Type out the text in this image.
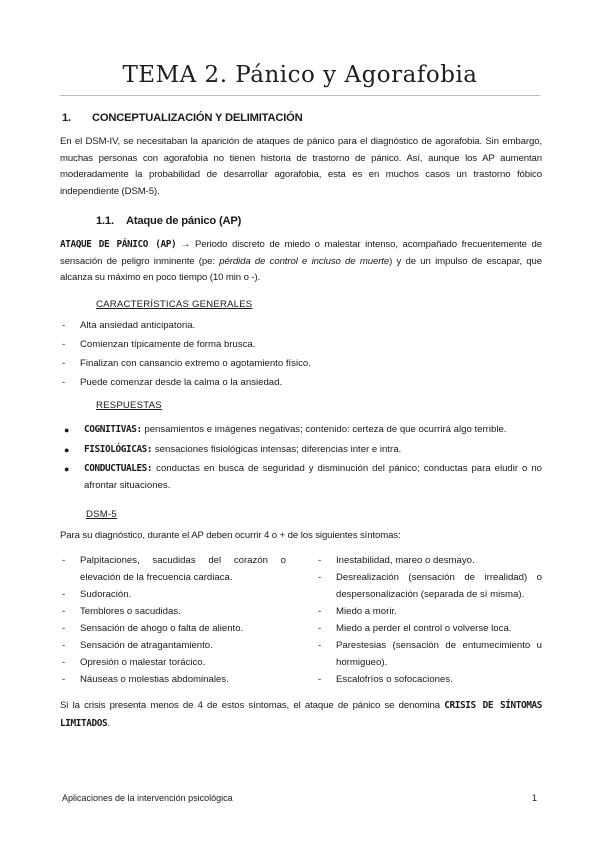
TEMA 2. Pánico y Agorafobia
1. CONCEPTUALIZACIÓN Y DELIMITACIÓN
En el DSM-IV, se necesitaban la aparición de ataques de pánico para el diagnóstico de agorafobia. Sin embargo, muchas personas con agorafobia no tienen historia de trastorno de pánico. Así, aunque los AP aumentan moderadamente la probabilidad de desarrollar agorafobia, esta es en muchos casos un trastorno fóbico independiente (DSM-5).
1.1. Ataque de pánico (AP)
ATAQUE DE PÁNICO (AP) → Periodo discreto de miedo o malestar intenso, acompañado frecuentemente de sensación de peligro inminente (pe: pérdida de control e incluso de muerte) y de un impulso de escapar, que alcanza su máximo en poco tiempo (10 min o -).
CARACTERÍSTICAS GENERALES
- Alta ansiedad anticipatoria.
- Comienzan típicamente de forma brusca.
- Finalizan con cansancio extremo o agotamiento físico.
- Puede comenzar desde la calma o la ansiedad.
RESPUESTAS
● COGNITIVAS: pensamientos e imágenes negativas; contenido: certeza de que ocurrirá algo terrible.
● FISIOLÓGICAS: sensaciones fisiológicas intensas; diferencias inter e intra.
● CONDUCTUALES: conductas en busca de seguridad y disminución del pánico; conductas para eludir o no afrontar situaciones.
DSM-5
Para su diagnóstico, durante el AP deben ocurrir 4 o + de los siguientes síntomas:
- Palpitaciones, sacudidas del corazón o elevación de la frecuencia cardiaca.
- Sudoración.
- Temblores o sacudidas.
- Sensación de ahogo o falta de aliento.
- Sensación de atragantamiento.
- Opresión o malestar torácico.
- Náuseas o molestias abdominales.
- Inestabilidad, mareo o desmayo.
- Desrealización (sensación de irrealidad) o despersonalización (separada de sí misma).
- Miedo a morir.
- Miedo a perder el control o volverse loca.
- Parestesias (sensación de entumecimiento u hormigueo).
- Escalofríos o sofocaciones.
Si la crisis presenta menos de 4 de estos síntomas, el ataque de pánico se denomina CRISIS DE SÍNTOMAS LIMITADOS.
Aplicaciones de la intervención psicológica	1
